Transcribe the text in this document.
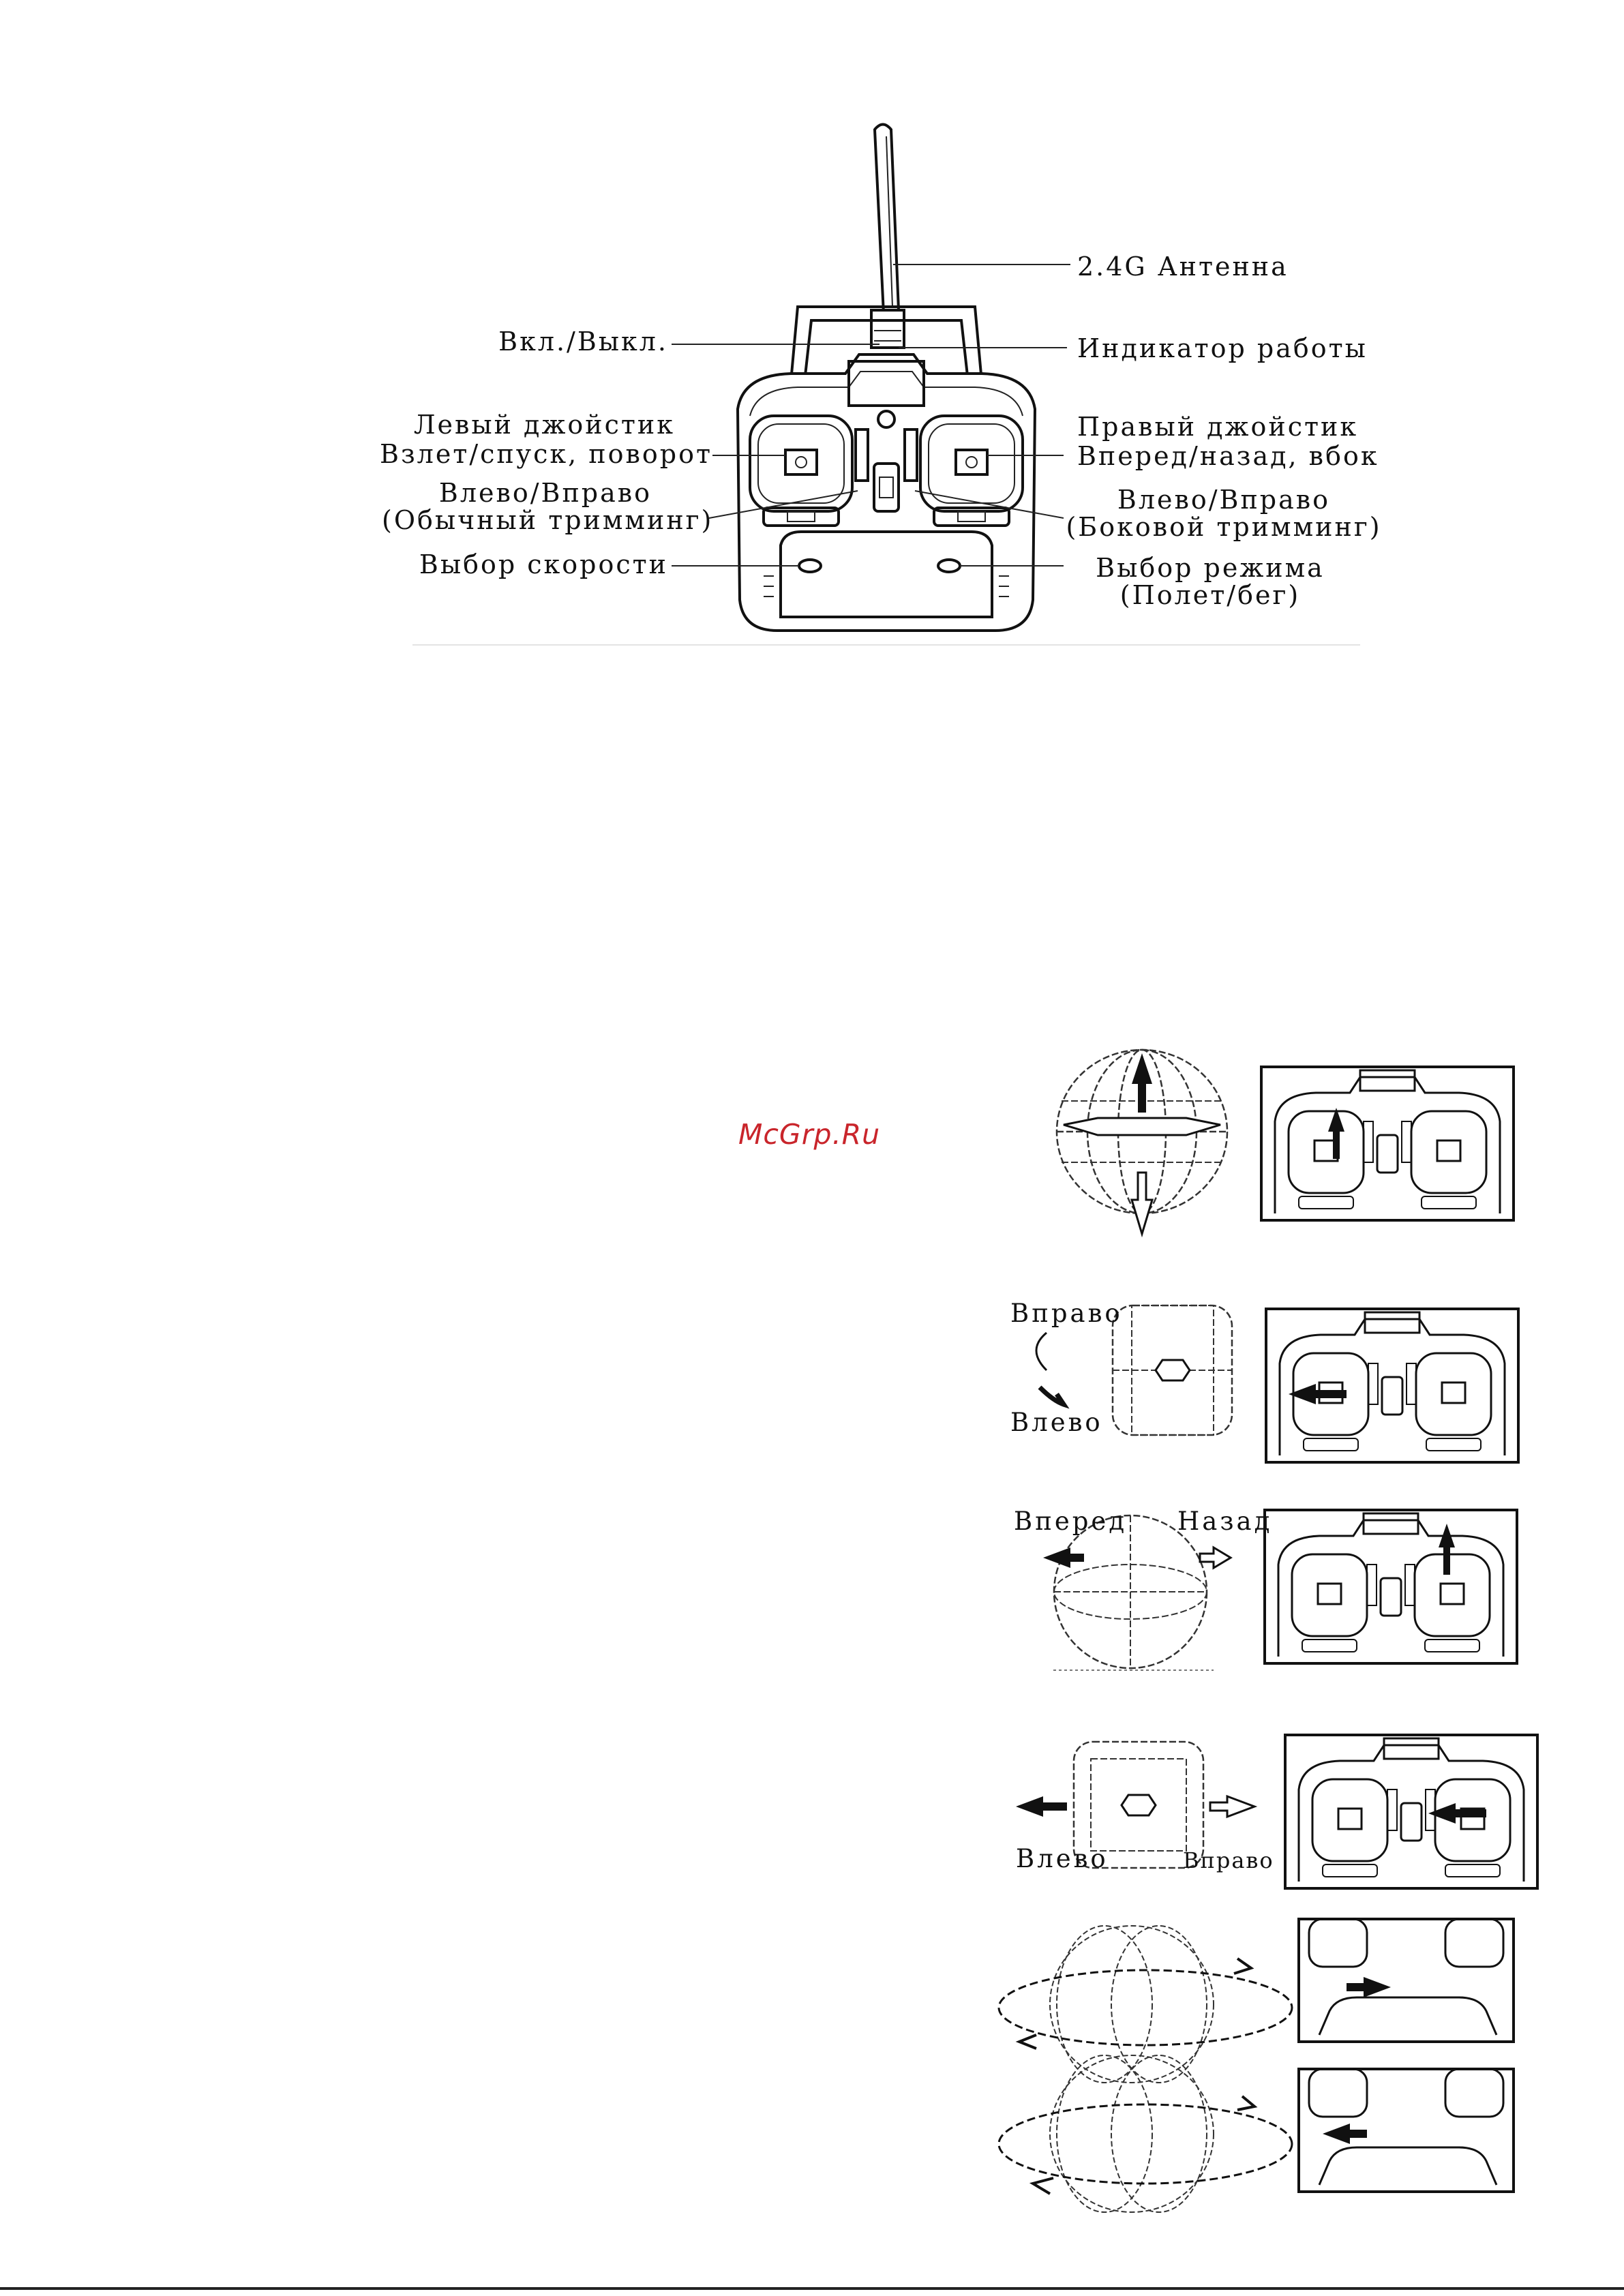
2.4G Антенна
Вкл./Выкл.	Индикатор работы
Левый джойстик
Взлет/спуск, поворот
Правый джойстик
Вперед/назад, вбок
Влево/Вправо
(Обычный тримминг)
Влево/Вправо
(Боковой тримминг)
Выбор скорости	Выбор режима
(Полет/бег)
McGrp.Ru
Вправо
Влево
Вперед Назад
Влево	Вправо
